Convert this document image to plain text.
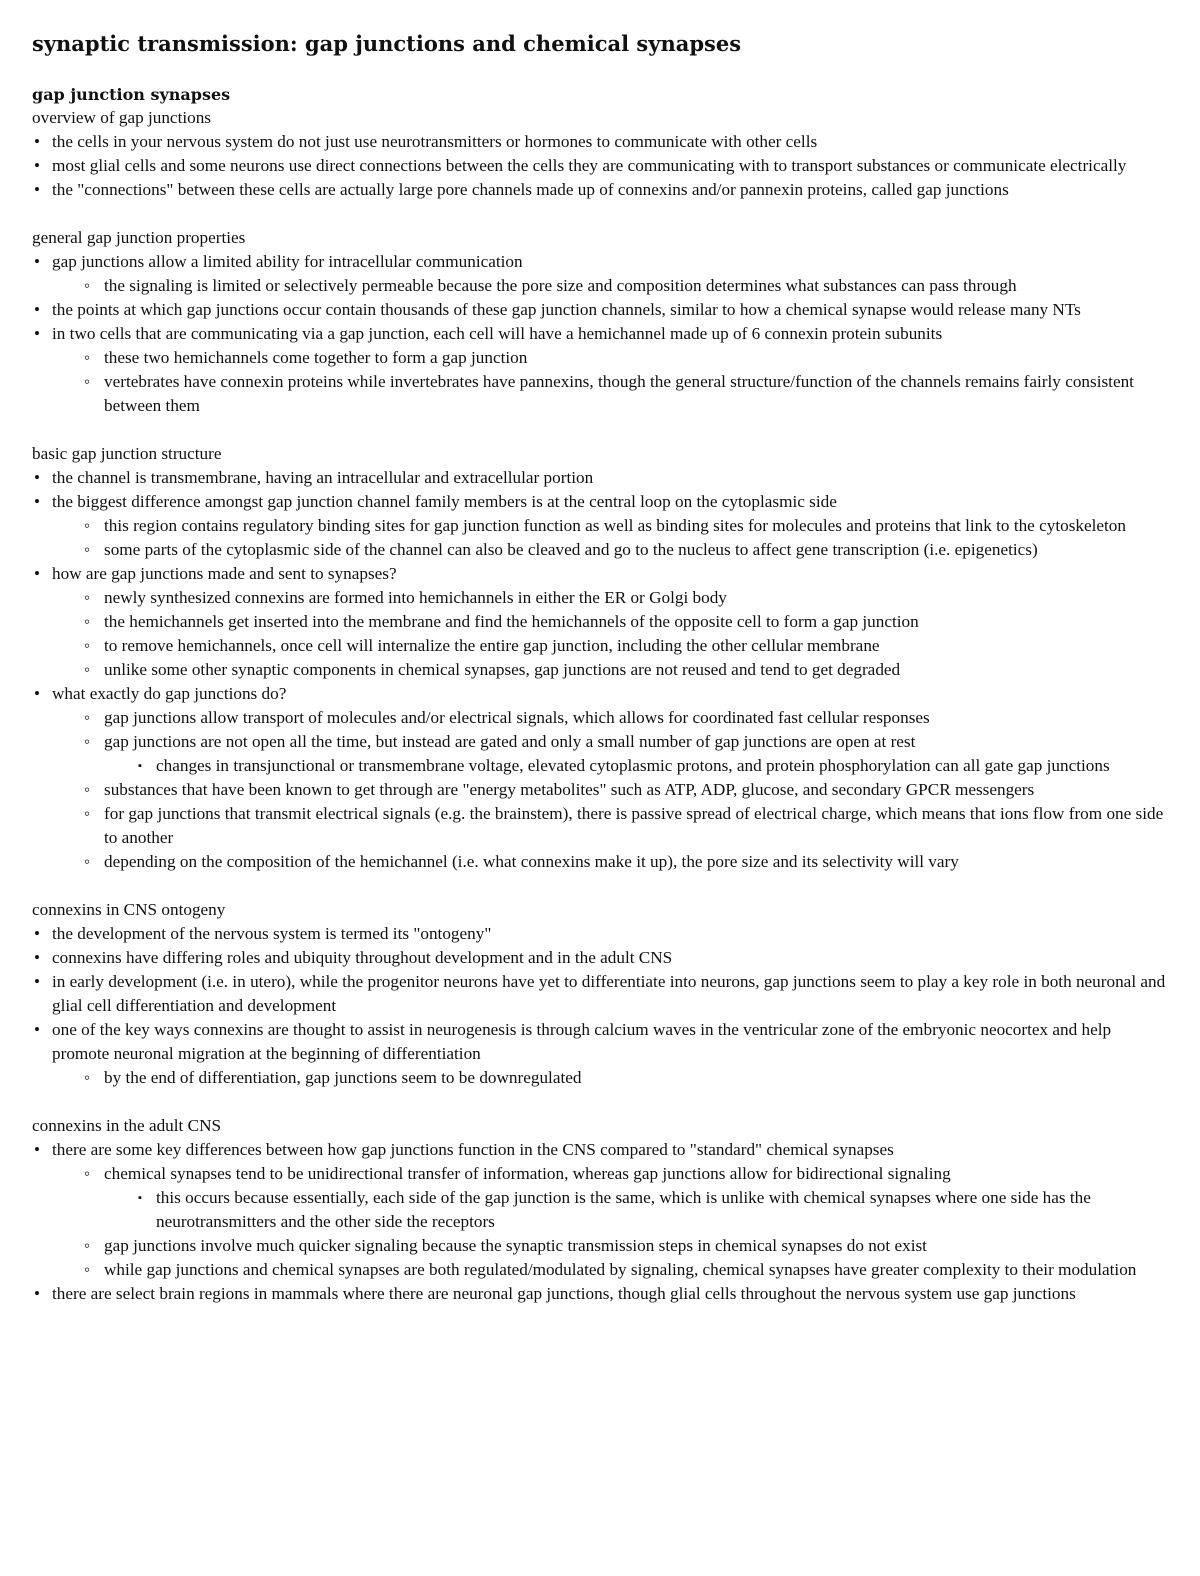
synaptic transmission: gap junctions and chemical synapses
gap junction synapses

overview of gap junctions

• the cells in your nervous system do not just use neurotransmitters or hormones to communicate with other cells
• most glial cells and some neurons use direct connections between the cells they are communicating with to transport substances or communicate electrically
• the "connections" between these cells are actually large pore channels made up of connexins and/or pannexin proteins, called gap junctions

general gap junction properties

• gap junctions allow a limited ability for intracellular communication
◦ the signaling is limited or selectively permeable because the pore size and composition determines what substances can pass through
• the points at which gap junctions occur contain thousands of these gap junction channels, similar to how a chemical synapse would release many NTs
• in two cells that are communicating via a gap junction, each cell will have a hemichannel made up of 6 connexin protein subunits
◦ these two hemichannels come together to form a gap junction
◦ vertebrates have connexin proteins while invertebrates have pannexins, though the general structure/function of the channels remains fairly consistent between them

basic gap junction structure

• the channel is transmembrane, having an intracellular and extracellular portion
• the biggest difference amongst gap junction channel family members is at the central loop on the cytoplasmic side
◦ this region contains regulatory binding sites for gap junction function as well as binding sites for molecules and proteins that link to the cytoskeleton
◦ some parts of the cytoplasmic side of the channel can also be cleaved and go to the nucleus to affect gene transcription (i.e. epigenetics)
• how are gap junctions made and sent to synapses?
◦ newly synthesized connexins are formed into hemichannels in either the ER or Golgi body
◦ the hemichannels get inserted into the membrane and find the hemichannels of the opposite cell to form a gap junction
◦ to remove hemichannels, once cell will internalize the entire gap junction, including the other cellular membrane
◦ unlike some other synaptic components in chemical synapses, gap junctions are not reused and tend to get degraded
• what exactly do gap junctions do?
◦ gap junctions allow transport of molecules and/or electrical signals, which allows for coordinated fast cellular responses
◦ gap junctions are not open all the time, but instead are gated and only a small number of gap junctions are open at rest
▪ changes in transjunctional or transmembrane voltage, elevated cytoplasmic protons, and protein phosphorylation can all gate gap junctions
◦ substances that have been known to get through are "energy metabolites" such as ATP, ADP, glucose, and secondary GPCR messengers
◦ for gap junctions that transmit electrical signals (e.g. the brainstem), there is passive spread of electrical charge, which means that ions flow from one side to another
◦ depending on the composition of the hemichannel (i.e. what connexins make it up), the pore size and its selectivity will vary

connexins in CNS ontogeny

• the development of the nervous system is termed its "ontogeny"
• connexins have differing roles and ubiquity throughout development and in the adult CNS
• in early development (i.e. in utero), while the progenitor neurons have yet to differentiate into neurons, gap junctions seem to play a key role in both neuronal and glial cell differentiation and development
• one of the key ways connexins are thought to assist in neurogenesis is through calcium waves in the ventricular zone of the embryonic neocortex and help promote neuronal migration at the beginning of differentiation
◦ by the end of differentiation, gap junctions seem to be downregulated

connexins in the adult CNS

• there are some key differences between how gap junctions function in the CNS compared to "standard" chemical synapses
◦ chemical synapses tend to be unidirectional transfer of information, whereas gap junctions allow for bidirectional signaling
▪ this occurs because essentially, each side of the gap junction is the same, which is unlike with chemical synapses where one side has the neurotransmitters and the other side the receptors
◦ gap junctions involve much quicker signaling because the synaptic transmission steps in chemical synapses do not exist
◦ while gap junctions and chemical synapses are both regulated/modulated by signaling, chemical synapses have greater complexity to their modulation
• there are select brain regions in mammals where there are neuronal gap junctions, though glial cells throughout the nervous system use gap junctions
